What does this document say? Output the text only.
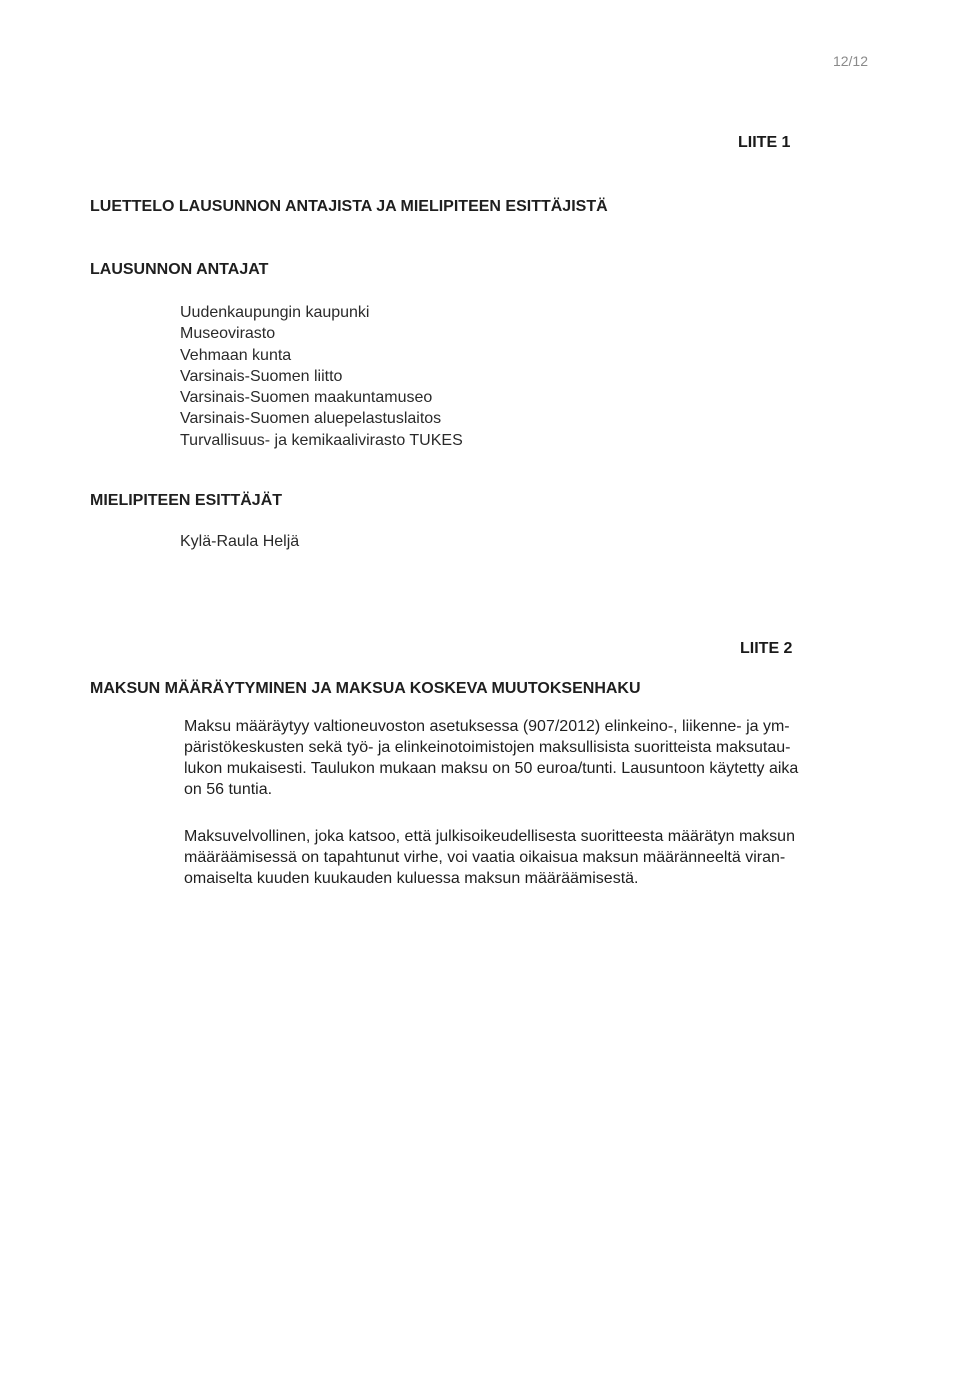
12/12
LIITE 1
LUETTELO LAUSUNNON ANTAJISTA JA MIELIPITEEN ESITTÄJISTÄ
LAUSUNNON ANTAJAT
Uudenkaupungin kaupunki
Museovirasto
Vehmaan kunta
Varsinais-Suomen liitto
Varsinais-Suomen maakuntamuseo
Varsinais-Suomen aluepelastuslaitos
Turvallisuus- ja kemikaalivirasto TUKES
MIELIPITEEN ESITTÄJÄT
Kylä-Raula Heljä
LIITE 2
MAKSUN MÄÄRÄYTYMINEN JA MAKSUA KOSKEVA MUUTOKSENHAKU

Maksu määräytyy valtioneuvoston asetuksessa (907/2012) elinkeino-, liikenne- ja ym-
päristökeskusten sekä työ- ja elinkeinotoimistojen maksullisista suoritteista maksutau-
lukon mukaisesti. Taulukon mukaan maksu on 50 euroa/tunti. Lausuntoon käytetty aika
on 56 tuntia.

Maksuvelvollinen, joka katsoo, että julkisoikeudellisesta suoritteesta määrätyn maksun
määräämisessä on tapahtunut virhe, voi vaatia oikaisua maksun määränneeltä viran-
omaiselta kuuden kuukauden kuluessa maksun määräämisestä.
